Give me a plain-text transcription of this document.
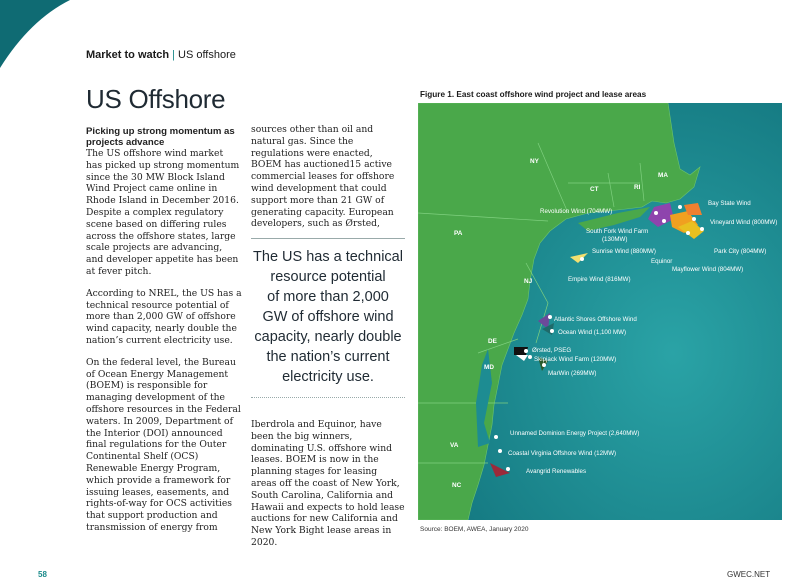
Market to watch | US offshore
US Offshore

Picking up strong momentum as projects advance

The US offshore wind market has picked up strong momentum since the 30 MW Block Island Wind Project came online in Rhode Island in December 2016. Despite a complex regulatory scene based on differing rules across the offshore states, large scale projects are advancing, and developer appetite has been at fever pitch.

According to NREL, the US has a technical resource potential of more than 2,000 GW of offshore wind capacity, nearly double the nation’s current electricity use.

On the federal level, the Bureau of Ocean Energy Management (BOEM) is responsible for managing development of the offshore resources in the Federal waters. In 2009, Department of the Interior (DOI) announced final regulations for the Outer Continental Shelf (OCS) Renewable Energy Program, which provide a framework for issuing leases, easements, and rights-of-way for OCS activities that support production and transmission of energy from

sources other than oil and natural gas. Since the regulations were enacted, BOEM has auctioned15 active commercial leases for offshore wind development that could support more than 21 GW of generating capacity. European developers, such as Ørsted,

The US has a technical
resource potential
of more than 2,000
GW of offshore wind
capacity, nearly double
the nation’s current
electricity use.

Iberdrola and Equinor, have been the big winners, dominating U.S. offshore wind leases. BOEM is now in the planning stages for leasing areas off the coast of New York, South Carolina, California and Hawaii and expects to hold lease auctions for new California and New York Bight lease areas in 2020.

Figure 1. East coast offshore wind project and lease areas
NY
PA
NJ
CT	RI
MA
DE
MD
VA
NC
Bay State Wind
Revolution Wind (704MW)
Vineyard Wind (800MW)
South Fork Wind Farm
(130MW)
Sunrise Wind (880MW)	Park City (804MW)
Equinor
Mayflower Wind (804MW)
Empire Wind (816MW)
Atlantic Shores Offshore Wind
Ocean Wind (1,100 MW)
Ørsted, PSEG
Skipjack Wind Farm (120MW)
MarWin (269MW)
Unnamed Dominion Energy Project (2,640MW)
Coastal Virginia Offshore Wind (12MW)
Avangrid Renewables
Source: BOEM, AWEA, January 2020
58	GWEC.NET
